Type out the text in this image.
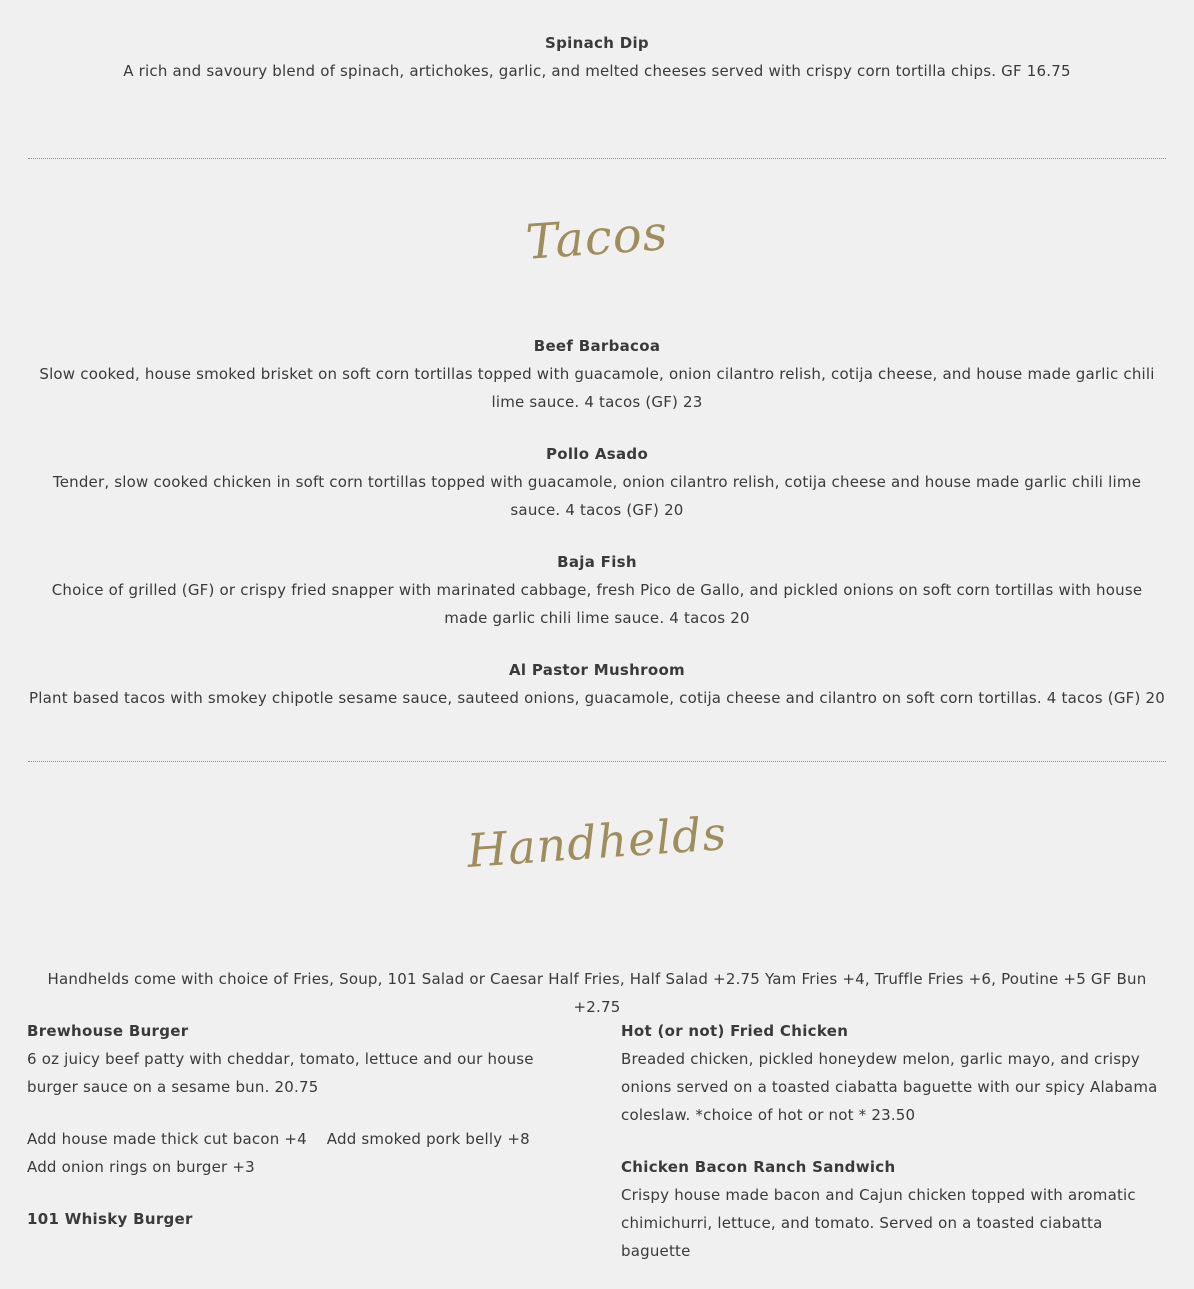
Spinach Dip
A rich and savoury blend of spinach, artichokes, garlic, and melted cheeses served with crispy corn tortilla chips. GF 16.75
Tacos
Beef Barbacoa
Slow cooked, house smoked brisket on soft corn tortillas topped with guacamole, onion cilantro relish, cotija cheese, and house made garlic chili lime sauce. 4 tacos (GF) 23
Pollo Asado
Tender, slow cooked chicken in soft corn tortillas topped with guacamole, onion cilantro relish, cotija cheese and house made garlic chili lime sauce. 4 tacos (GF) 20
Baja Fish
Choice of grilled (GF) or crispy fried snapper with marinated cabbage, fresh Pico de Gallo, and pickled onions on soft corn tortillas with house made garlic chili lime sauce. 4 tacos 20
Al Pastor Mushroom
Plant based tacos with smokey chipotle sesame sauce, sauteed onions, guacamole, cotija cheese and cilantro on soft corn tortillas. 4 tacos (GF) 20
Handhelds
Handhelds come with choice of Fries, Soup, 101 Salad or Caesar Half Fries, Half Salad +2.75 Yam Fries +4, Truffle Fries +6, Poutine +5 GF Bun +2.75
Brewhouse Burger
6 oz juicy beef patty with cheddar, tomato, lettuce and our house burger sauce on a sesame bun. 20.75
Add house made thick cut bacon +4    Add smoked pork belly +8    Add onion rings on burger +3
101 Whisky Burger
Hot (or not) Fried Chicken
Breaded chicken, pickled honeydew melon, garlic mayo, and crispy onions served on a toasted ciabatta baguette with our spicy Alabama coleslaw. *choice of hot or not * 23.50
Chicken Bacon Ranch Sandwich
Crispy house made bacon and Cajun chicken topped with aromatic chimichurri, lettuce, and tomato. Served on a toasted ciabatta baguette
